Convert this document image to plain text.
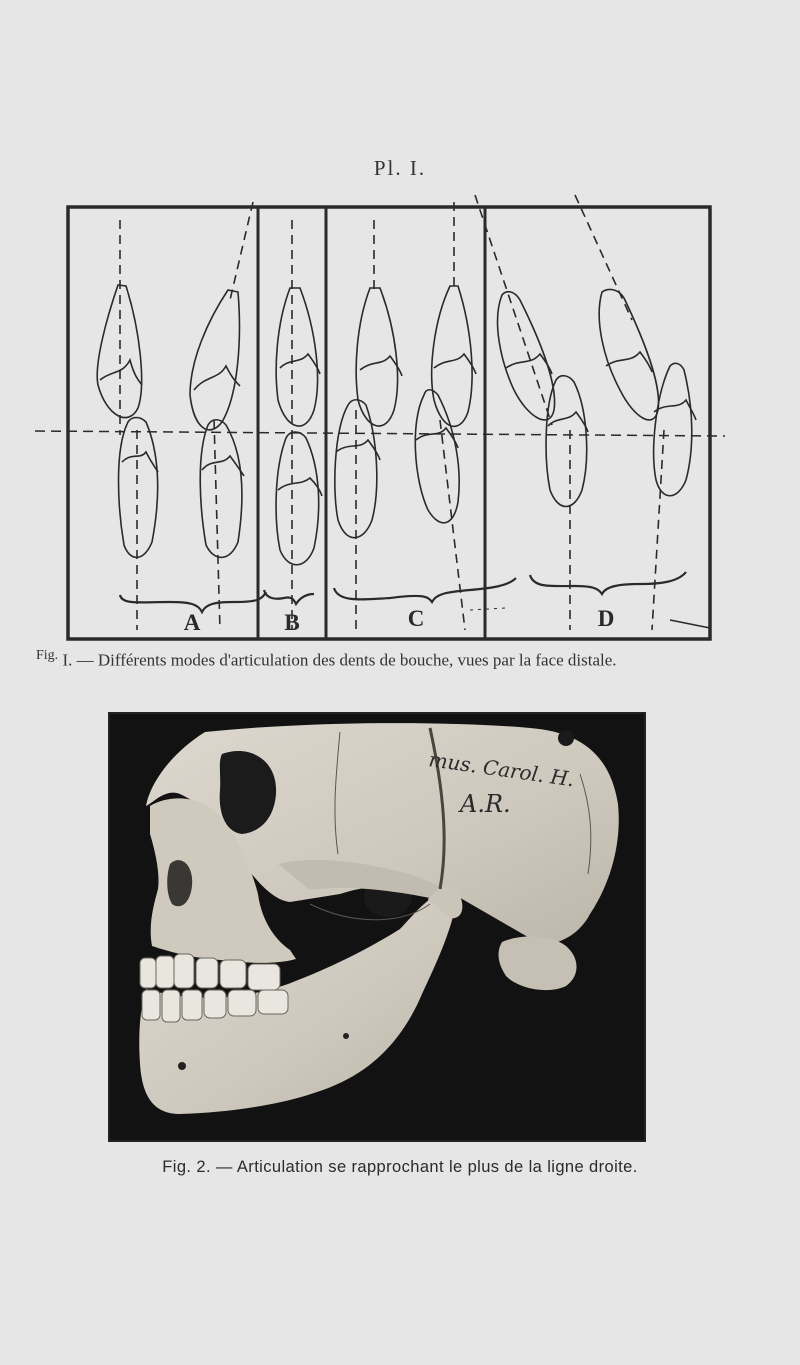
Pl. I.
A	B	C	D
$^{Fig.}$ I. — Différents modes d'articulation des dents de bouche, vues par la face distale.
mus. Carol. H.
A.R.
Fig. 2. — Articulation se rapprochant le plus de la ligne droite.
